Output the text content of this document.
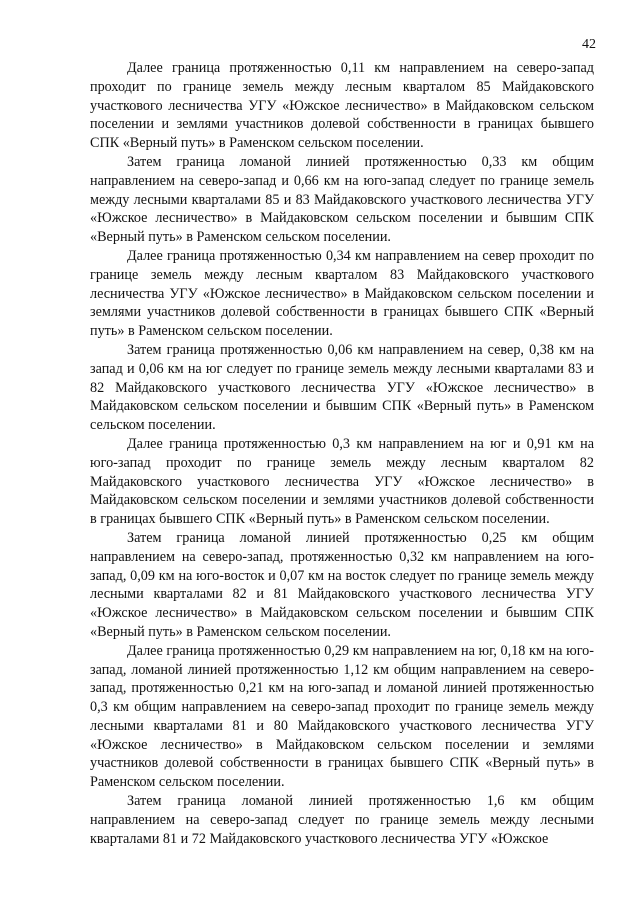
42

Далее граница протяженностью 0,11 км направлением на северо-запад проходит по границе земель между лесным кварталом 85 Майдаковского участкового лесничества УГУ «Южское лесничество» в Майдаковском сельском поселении и землями участников долевой собственности в границах бывшего СПК «Верный путь» в Раменском сельском поселении.

Затем граница ломаной линией протяженностью 0,33 км общим направлением на северо-запад и 0,66 км на юго-запад следует по границе земель между лесными кварталами 85 и 83 Майдаковского участкового лесничества УГУ «Южское лесничество» в Майдаковском сельском поселении и бывшим СПК «Верный путь» в Раменском сельском поселении.

Далее граница протяженностью 0,34 км направлением на север проходит по границе земель между лесным кварталом 83 Майдаковского участкового лесничества УГУ «Южское лесничество» в Майдаковском сельском поселении и землями участников долевой собственности в границах бывшего СПК «Верный путь» в Раменском сельском поселении.

Затем граница протяженностью 0,06 км направлением на север, 0,38 км на запад и 0,06 км на юг следует по границе земель между лесными кварталами 83 и 82 Майдаковского участкового лесничества УГУ «Южское лесничество» в Майдаковском сельском поселении и бывшим СПК «Верный путь» в Раменском сельском поселении.

Далее граница протяженностью 0,3 км направлением на юг и 0,91 км на юго-запад проходит по границе земель между лесным кварталом 82 Майдаковского участкового лесничества УГУ «Южское лесничество» в Майдаковском сельском поселении и землями участников долевой собственности в границах бывшего СПК «Верный путь» в Раменском сельском поселении.

Затем граница ломаной линией протяженностью 0,25 км общим направлением на северо-запад, протяженностью 0,32 км направлением на юго-запад, 0,09 км на юго-восток и 0,07 км на восток следует по границе земель между лесными кварталами 82 и 81 Майдаковского участкового лесничества УГУ «Южское лесничество» в Майдаковском сельском поселении и бывшим СПК «Верный путь» в Раменском сельском поселении.

Далее граница протяженностью 0,29 км направлением на юг, 0,18 км на юго-запад, ломаной линией протяженностью 1,12 км общим направлением на северо-запад, протяженностью 0,21 км на юго-запад и ломаной линией протяженностью 0,3 км общим направлением на северо-запад проходит по границе земель между лесными кварталами 81 и 80 Майдаковского участкового лесничества УГУ «Южское лесничество» в Майдаковском сельском поселении и землями участников долевой собственности в границах бывшего СПК «Верный путь» в Раменском сельском поселении.

Затем граница ломаной линией протяженностью 1,6 км общим направлением на северо-запад следует по границе земель между лесными кварталами 81 и 72 Майдаковского участкового лесничества УГУ «Южское
